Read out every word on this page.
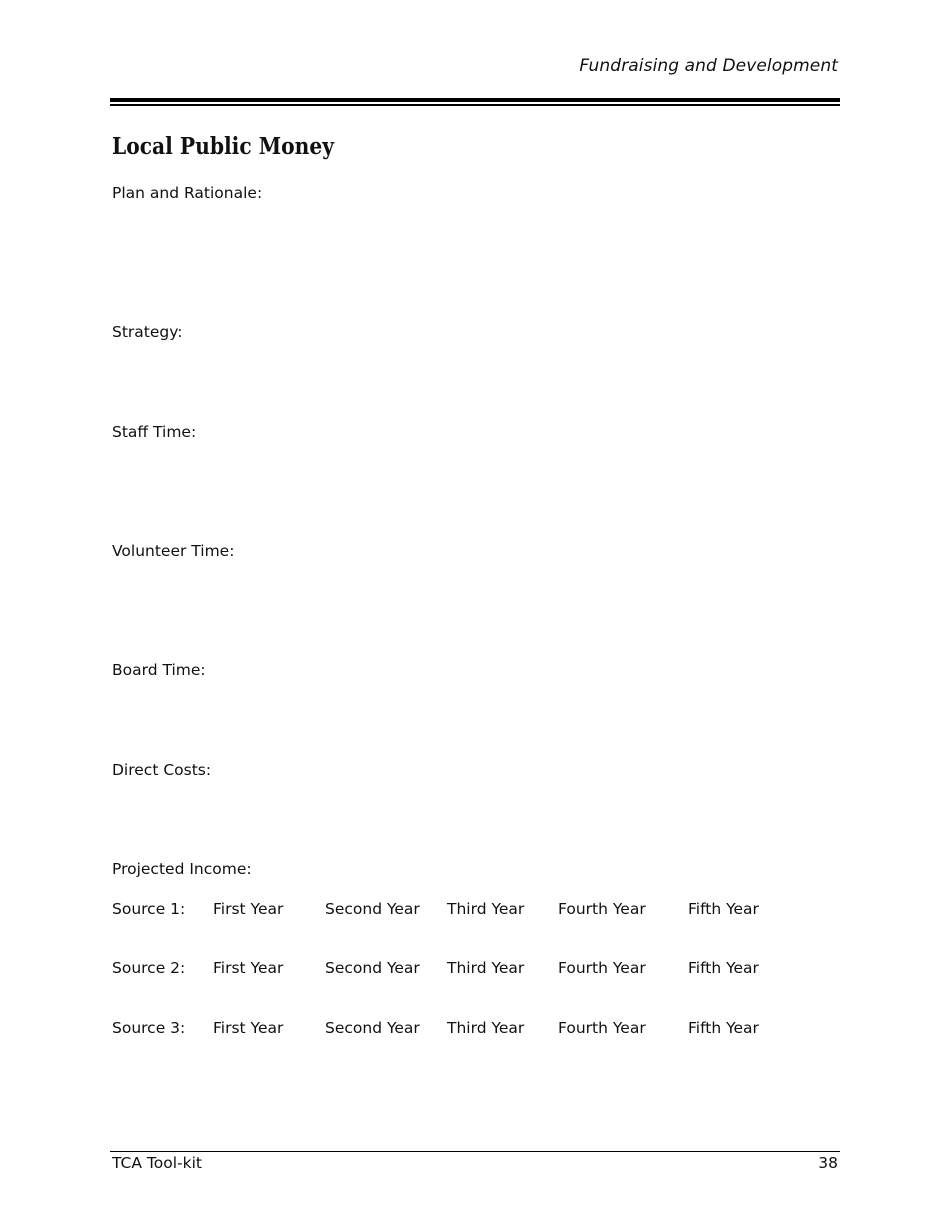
Fundraising and Development
Local Public Money
Plan and Rationale:
Strategy:
Staff Time:
Volunteer Time:
Board Time:
Direct Costs:
Projected Income:
Source 1: First Year	Second Year Third Year Fourth Year	Fifth Year
Source 2: First Year	Second Year Third Year Fourth Year	Fifth Year
Source 3: First Year	Second Year Third Year Fourth Year	Fifth Year
TCA Tool-kit	38
